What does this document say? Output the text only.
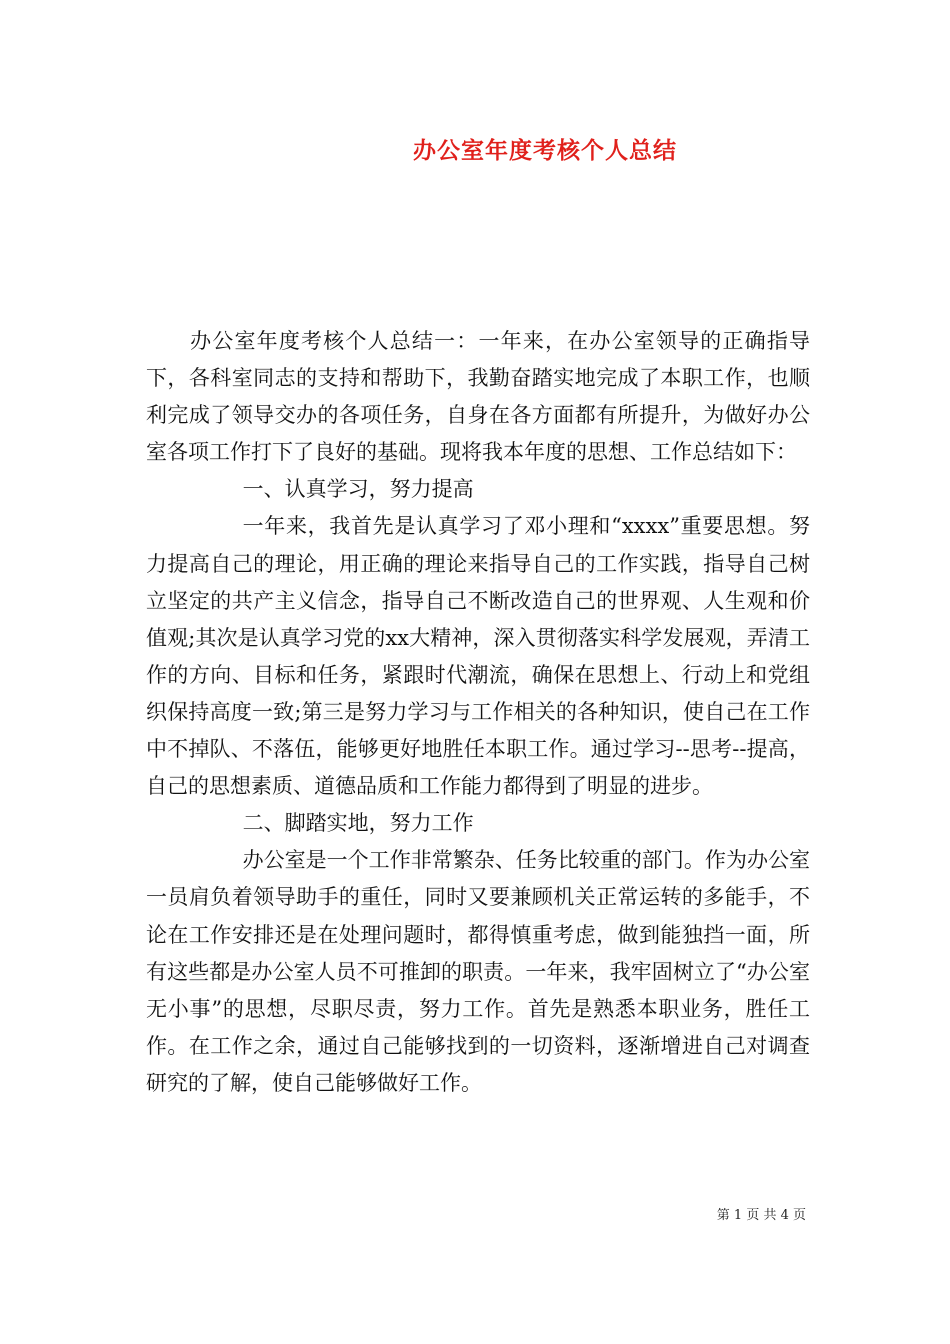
办公室年度考核个人总结

办公室年度考核个人总结一：一年来，在办公室领导的正确指导下，各科室同志的支持和帮助下，我勤奋踏实地完成了本职工作，也顺利完成了领导交办的各项任务，自身在各方面都有所提升，为做好办公室各项工作打下了良好的基础。现将我本年度的思想、工作总结如下：

一、认真学习，努力提高

一年来，我首先是认真学习了邓小理和“xxxx”重要思想。努力提高自己的理论，用正确的理论来指导自己的工作实践，指导自己树立坚定的共产主义信念，指导自己不断改造自己的世界观、人生观和价值观;其次是认真学习党的xx大精神，深入贯彻落实科学发展观，弄清工作的方向、目标和任务，紧跟时代潮流，确保在思想上、行动上和党组织保持高度一致;第三是努力学习与工作相关的各种知识，使自己在工作中不掉队、不落伍，能够更好地胜任本职工作。通过学习--思考--提高，自己的思想素质、道德品质和工作能力都得到了明显的进步。

二、脚踏实地，努力工作

办公室是一个工作非常繁杂、任务比较重的部门。作为办公室一员肩负着领导助手的重任，同时又要兼顾机关正常运转的多能手，不论在工作安排还是在处理问题时，都得慎重考虑，做到能独挡一面，所有这些都是办公室人员不可推卸的职责。一年来，我牢固树立了“办公室无小事”的思想，尽职尽责，努力工作。首先是熟悉本职业务，胜任工作。在工作之余，通过自己能够找到的一切资料，逐渐增进自己对调查研究的了解，使自己能够做好工作。

第 1 页 共 4 页
